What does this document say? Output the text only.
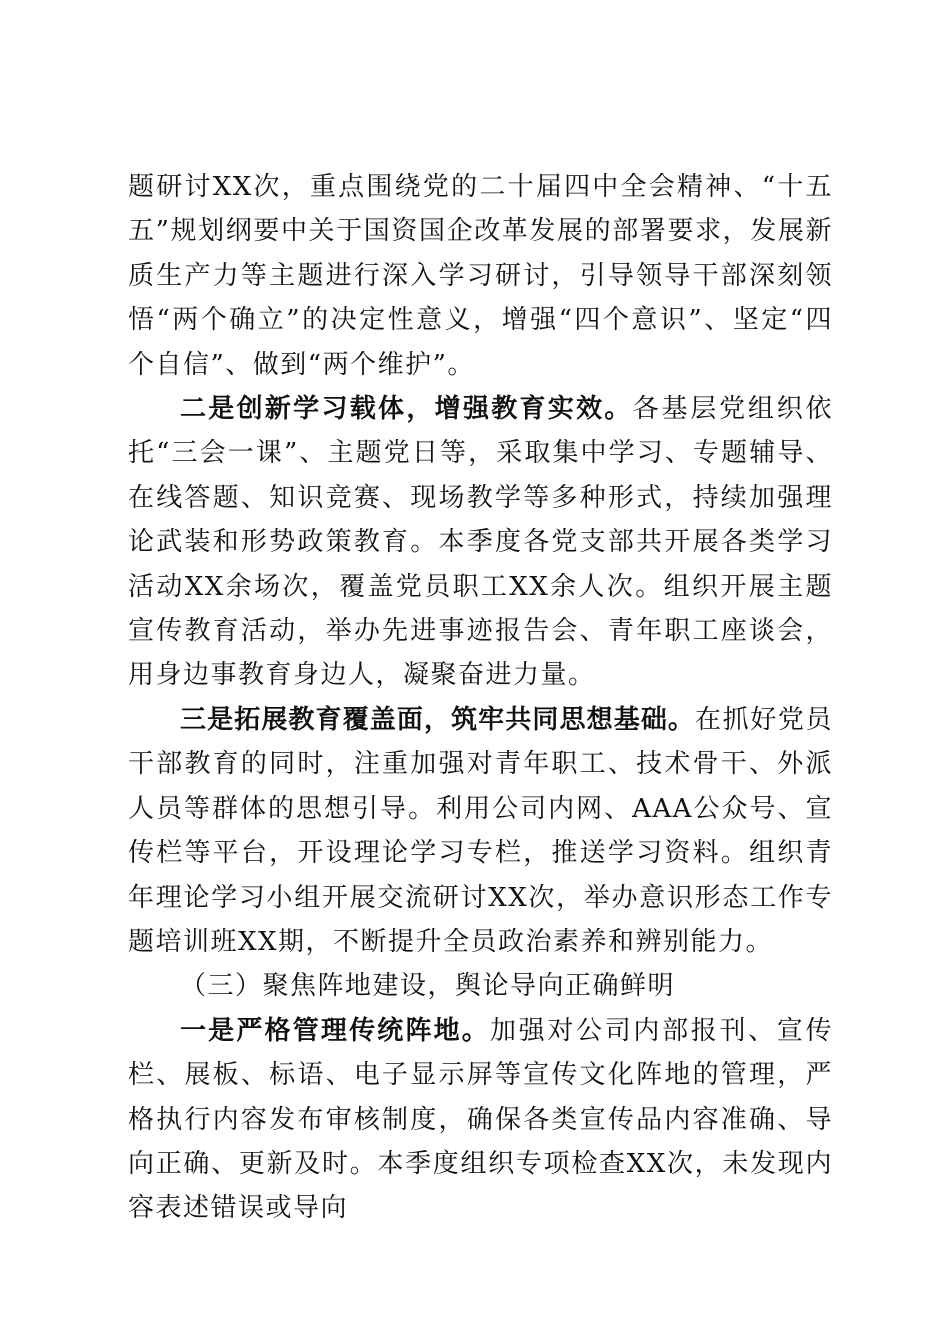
题研讨XX次，重点围绕党的二十届四中全会精神、“十五五”规划纲要中关于国资国企改革发展的部署要求，发展新质生产力等主题进行深入学习研讨，引导领导干部深刻领悟“两个确立”的决定性意义，增强“四个意识”、坚定“四个自信”、做到“两个维护”。

二是创新学习载体，增强教育实效。各基层党组织依托“三会一课”、主题党日等，采取集中学习、专题辅导、在线答题、知识竞赛、现场教学等多种形式，持续加强理论武装和形势政策教育。本季度各党支部共开展各类学习活动XX余场次，覆盖党员职工XX余人次。组织开展主题宣传教育活动，举办先进事迹报告会、青年职工座谈会，用身边事教育身边人，凝聚奋进力量。

三是拓展教育覆盖面，筑牢共同思想基础。在抓好党员干部教育的同时，注重加强对青年职工、技术骨干、外派人员等群体的思想引导。利用公司内网、AAA公众号、宣传栏等平台，开设理论学习专栏，推送学习资料。组织青年理论学习小组开展交流研讨XX次，举办意识形态工作专题培训班XX期，不断提升全员政治素养和辨别能力。

（三）聚焦阵地建设，舆论导向正确鲜明

一是严格管理传统阵地。加强对公司内部报刊、宣传栏、展板、标语、电子显示屏等宣传文化阵地的管理，严格执行内容发布审核制度，确保各类宣传品内容准确、导向正确、更新及时。本季度组织专项检查XX次，未发现内容表述错误或导向
